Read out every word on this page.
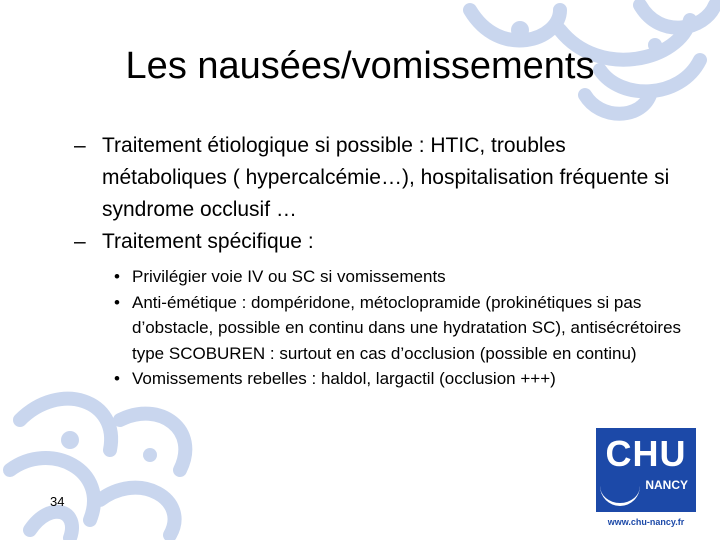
Les nausées/vomissements

– Traitement étiologique si possible : HTIC, troubles métaboliques ( hypercalcémie…), hospitalisation fréquente si syndrome occlusif …

– Traitement spécifique :

• Privilégier voie IV ou SC si vomissements

• Anti-émétique : dompéridone, métoclopramide (prokinétiques si pas d’obstacle, possible en continu dans une hydratation SC), antisécrétoires type SCOBUREN : surtout en cas d’occlusion (possible en continu)

• Vomissements rebelles : haldol, largactil (occlusion +++)

34
CHU
NANCY
www.chu-nancy.fr
